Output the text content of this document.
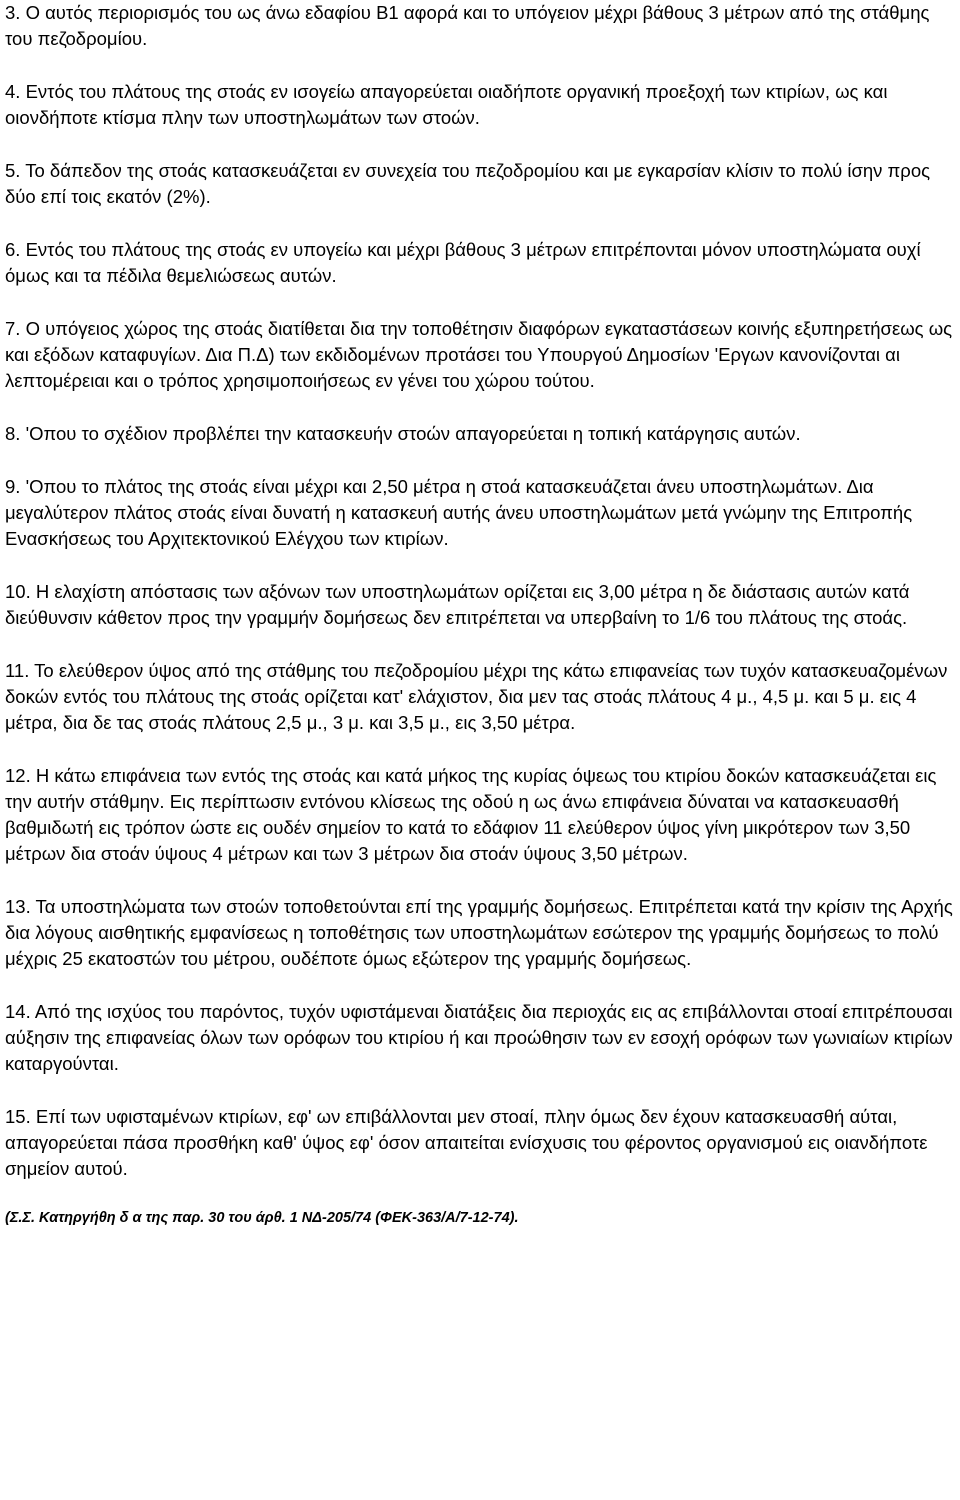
3. Ο αυτός περιορισμός του ως άνω εδαφίου Β1 αφορά και το υπόγειον μέχρι βάθους 3 μέτρων από της στάθμης του πεζοδρομίου.

4. Εντός του πλάτους της στοάς εν ισογείω απαγορεύεται οιαδήποτε οργανική προεξοχή των κτιρίων, ως και οιονδήποτε κτίσμα πλην των υποστηλωμάτων των στοών.

5. Το δάπεδον της στοάς κατασκευάζεται εν συνεχεία του πεζοδρομίου και με εγκαρσίαν κλίσιν το πολύ ίσην προς δύο επί τοις εκατόν (2%).

6. Εντός του πλάτους της στοάς εν υπογείω και μέχρι βάθους 3 μέτρων επιτρέπονται μόνον υποστηλώματα ουχί όμως και τα πέδιλα θεμελιώσεως αυτών.

7. Ο υπόγειος χώρος της στοάς διατίθεται δια την τοποθέτησιν διαφόρων εγκαταστάσεων κοινής εξυπηρετήσεως ως και εξόδων καταφυγίων. Δια Π.Δ) των εκδιδομένων προτάσει του Υπουργού Δημοσίων 'Εργων κανονίζονται αι λεπτομέρειαι και ο τρόπος χρησιμοποιήσεως εν γένει του χώρου τούτου.

8. 'Οπου το σχέδιον προβλέπει την κατασκευήν στοών απαγορεύεται η τοπική κατάργησις αυτών.

9. 'Οπου το πλάτος της στοάς είναι μέχρι και 2,50 μέτρα η στοά κατασκευάζεται άνευ υποστηλωμάτων. Δια μεγαλύτερον πλάτος στοάς είναι δυνατή η κατασκευή αυτής άνευ υποστηλωμάτων μετά γνώμην της Επιτροπής Ενασκήσεως του Αρχιτεκτονικού Ελέγχου των κτιρίων.

10. Η ελαχίστη απόστασις των αξόνων των υποστηλωμάτων ορίζεται εις 3,00 μέτρα η δε διάστασις αυτών κατά διεύθυνσιν κάθετον προς την γραμμήν δομήσεως δεν επιτρέπεται να υπερβαίνη το 1/6 του πλάτους της στοάς.

11. Το ελεύθερον ύψος από της στάθμης του πεζοδρομίου μέχρι της κάτω επιφανείας των τυχόν κατασκευαζομένων δοκών εντός του πλάτους της στοάς ορίζεται κατ' ελάχιστον, δια μεν τας στοάς πλάτους 4 μ., 4,5 μ. και 5 μ. εις 4 μέτρα, δια δε τας στοάς πλάτους 2,5 μ., 3 μ. και 3,5 μ., εις 3,50 μέτρα.

12. Η κάτω επιφάνεια των εντός της στοάς και κατά μήκος της κυρίας όψεως του κτιρίου δοκών κατασκευάζεται εις την αυτήν στάθμην. Εις περίπτωσιν εντόνου κλίσεως της οδού η ως άνω επιφάνεια δύναται να κατασκευασθή βαθμιδωτή εις τρόπον ώστε εις ουδέν σημείον το κατά το εδάφιον 11 ελεύθερον ύψος γίνη μικρότερον των 3,50 μέτρων δια στοάν ύψους 4 μέτρων και των 3 μέτρων δια στοάν ύψους 3,50 μέτρων.

13. Τα υποστηλώματα των στοών τοποθετούνται επί της γραμμής δομήσεως. Επιτρέπεται κατά την κρίσιν της Αρχής δια λόγους αισθητικής εμφανίσεως η τοποθέτησις των υποστηλωμάτων εσώτερον της γραμμής δομήσεως το πολύ μέχρις 25 εκατοστών του μέτρου, ουδέποτε όμως εξώτερον της γραμμής δομήσεως.

14. Από της ισχύος του παρόντος, τυχόν υφιστάμεναι διατάξεις δια περιοχάς εις ας επιβάλλονται στοαί επιτρέπουσαι αύξησιν της επιφανείας όλων των ορόφων του κτιρίου ή και προώθησιν των εν εσοχή ορόφων των γωνιαίων κτιρίων καταργούνται.

15. Επί των υφισταμένων κτιρίων, εφ' ων επιβάλλονται μεν στοαί, πλην όμως δεν έχουν κατασκευασθή αύται, απαγορεύεται πάσα προσθήκη καθ' ύψος εφ' όσον απαιτείται ενίσχυσις του φέροντος οργανισμού εις οιανδήποτε σημείον αυτού.

(Σ.Σ. Κατηργήθη δ α της παρ. 30 του άρθ. 1 ΝΔ-205/74 (ΦΕΚ-363/Α/7-12-74).
